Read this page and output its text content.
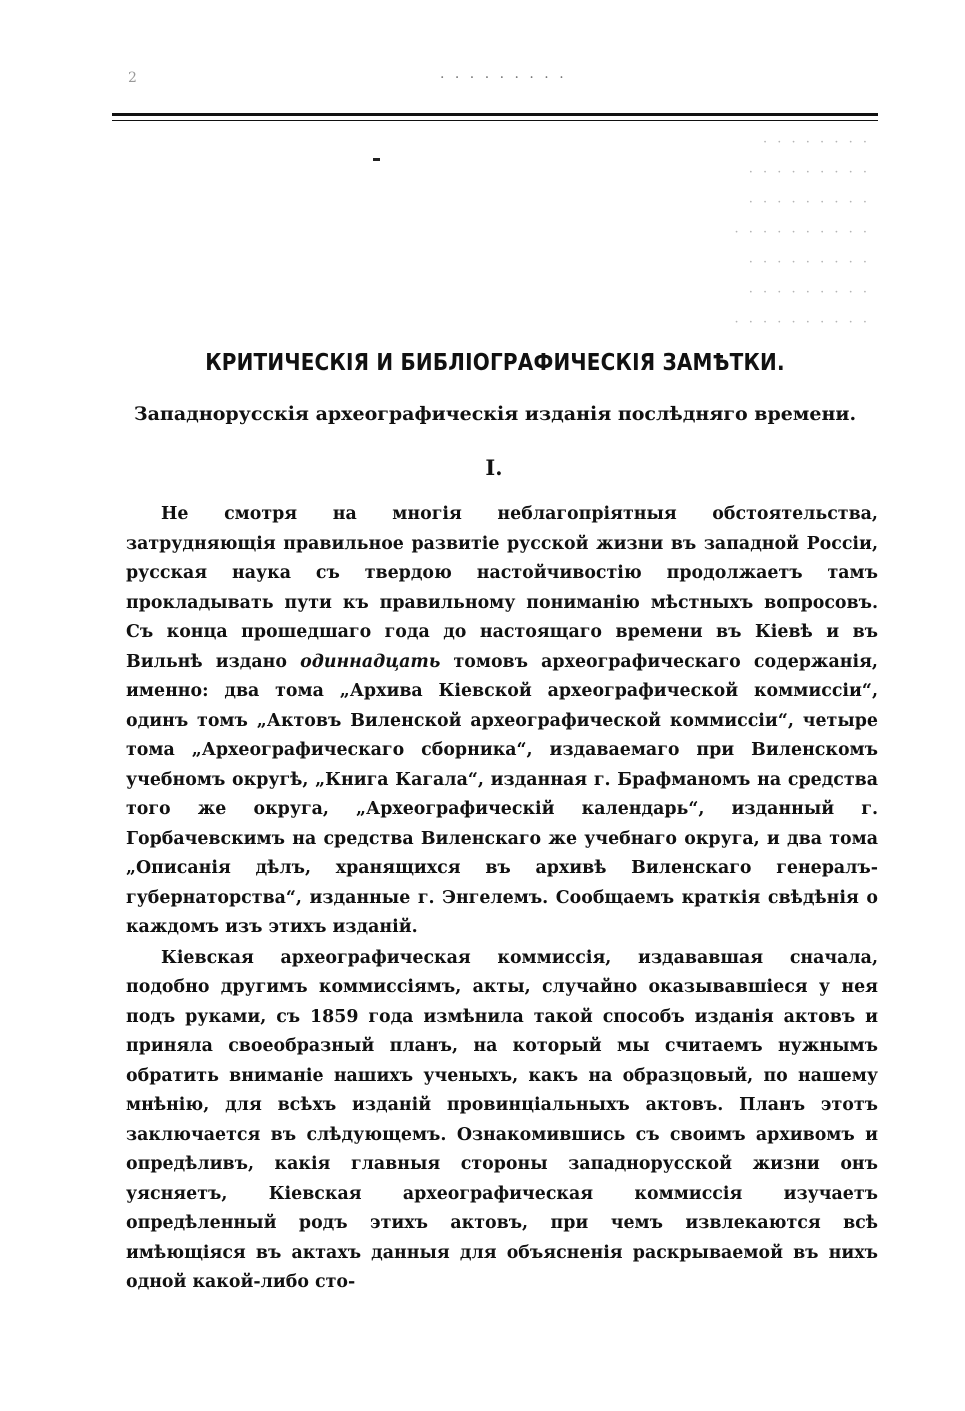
2	· · · · · · · · ·
· · · · · · · ·
· · · · · · · · ·
· · · · · · · · ·
· · · · · · · · · ·
· · · · · · · · ·
· · · · · · · · ·
· · · · · · · · · ·
КРИТИЧЕСКІЯ И БИБЛІОГРАФИЧЕСКІЯ ЗАМѢТКИ.
Западнорусскія археографическія изданія послѣдняго времени.
I.

Не смотря на многія неблагопріятныя обстоятельства, затрудняющія правильное развитіе русской жизни въ западной Россіи, русская наука съ твердою настойчивостію продолжаетъ тамъ прокладывать пути къ правильному пониманію мѣстныхъ вопросовъ. Съ конца прошедшаго года до настоящаго времени въ Кіевѣ и въ Вильнѣ издано одиннадцать томовъ археографическаго содержанія, именно: два тома „Архива Кіевской археографической коммиссіи“, одинъ томъ „Актовъ Виленской археографической коммиссіи“, четыре тома „Археографическаго сборника“, издаваемаго при Виленскомъ учебномъ округѣ, „Книга Кагала“, изданная г. Брафманомъ на средства того же округа, „Археографическій календарь“, изданный г. Горбачевскимъ на средства Виленскаго же учебнаго округа, и два тома „Описанія дѣлъ, хранящихся въ архивѣ Виленскаго генералъ-губернаторства“, изданные г. Энгелемъ. Сообщаемъ краткія свѣдѣнія о каждомъ изъ этихъ изданій.

Кіевская археографическая коммиссія, издававшая сначала, подобно другимъ коммиссіямъ, акты, случайно оказывавшіеся у нея подъ руками, съ 1859 года измѣнила такой способъ изданія актовъ и приняла своеобразный планъ, на который мы считаемъ нужнымъ обратить вниманіе нашихъ ученыхъ, какъ на образцовый, по нашему мнѣнію, для всѣхъ изданій провинціальныхъ актовъ. Планъ этотъ заключается въ слѣдующемъ. Ознакомившись съ своимъ архивомъ и опредѣливъ, какія главныя стороны западнорусской жизни онъ уясняетъ, Кіевская археографическая коммиссія изучаетъ опредѣленный родъ этихъ актовъ, при чемъ извлекаются всѣ имѣющіяся въ актахъ данныя для объясненія раскрываемой въ нихъ одной какой-либо сто-
